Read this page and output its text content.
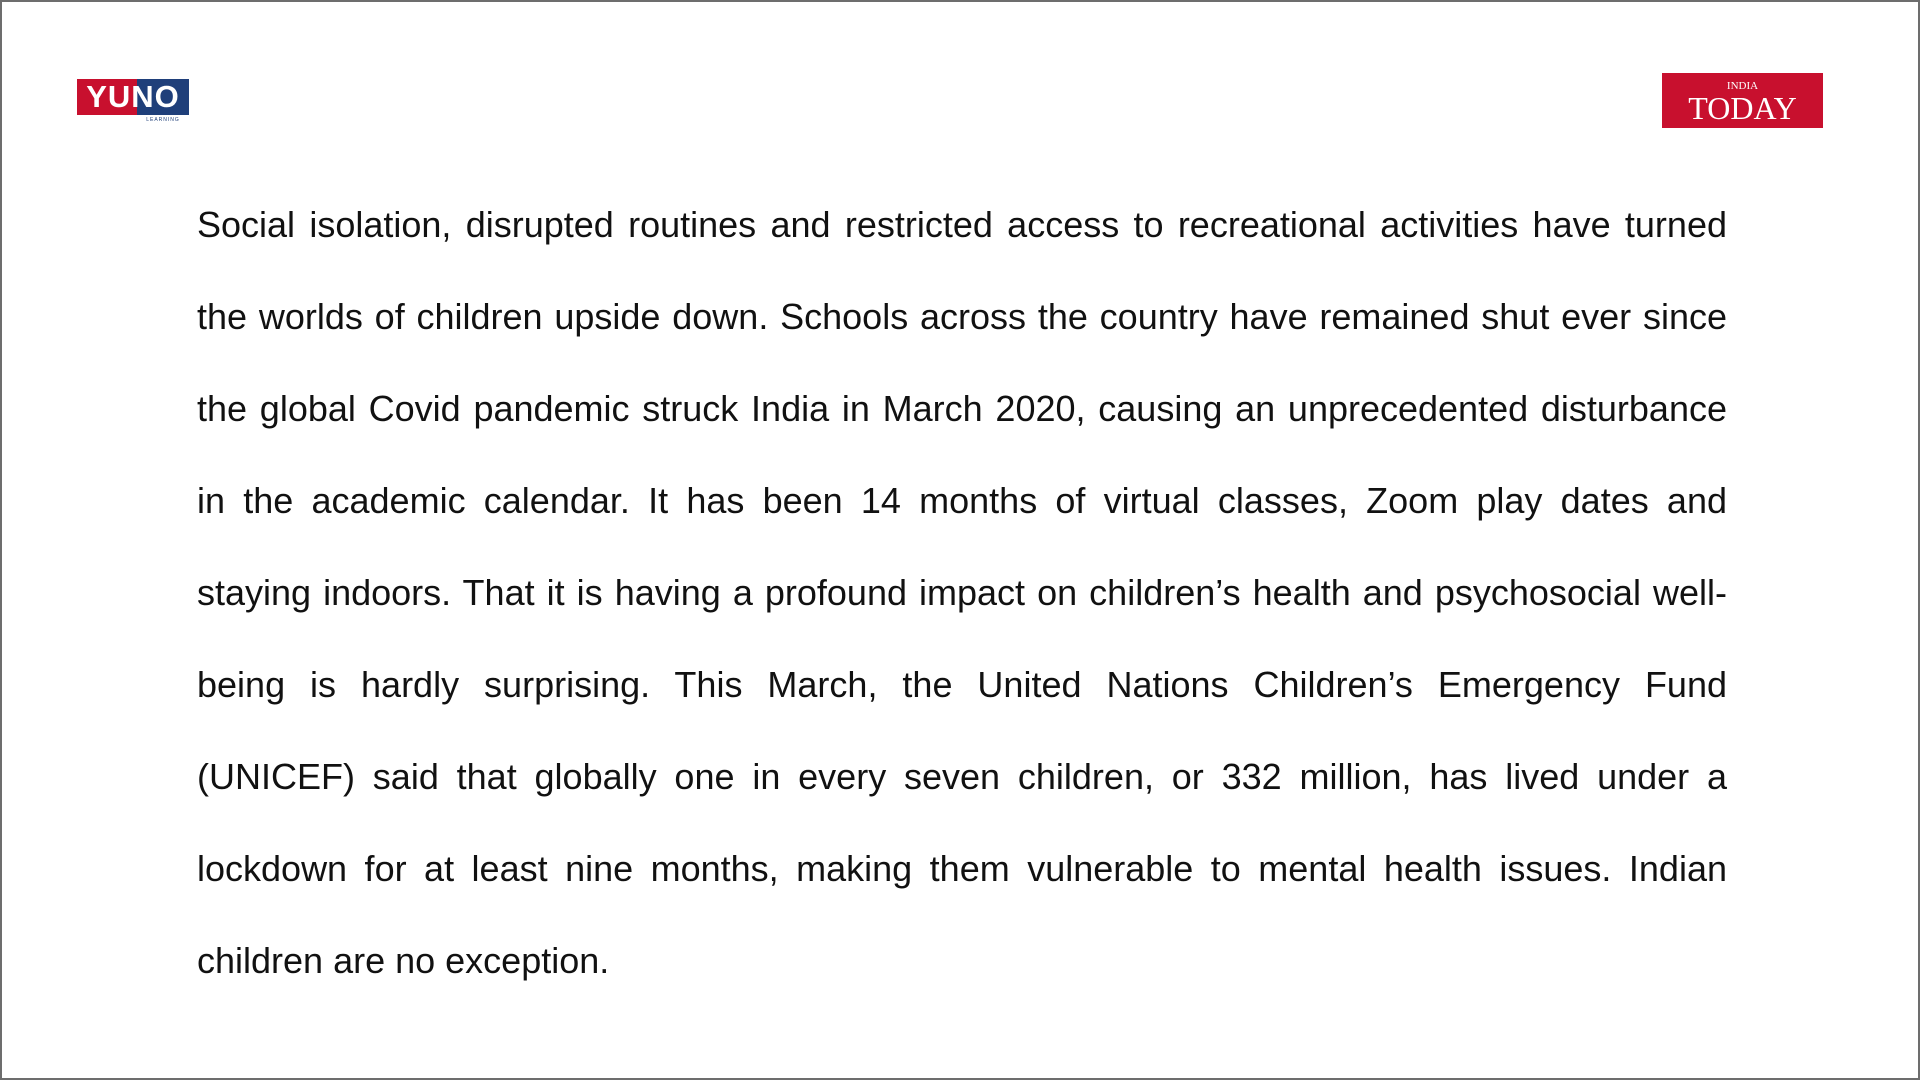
YUNO
LEARNING
INDIA
TODAY

Social isolation, disrupted routines and restricted access to recreational activities have turned the worlds of children upside down. Schools across the country have remained shut ever since the global Covid pandemic struck India in March 2020, causing an unprecedented disturbance in the academic calendar. It has been 14 months of virtual classes, Zoom play dates and staying indoors. That it is having a profound impact on children’s health and psychosocial well-being is hardly surprising. This March, the United Nations Children’s Emergency Fund (UNICEF) said that globally one in every seven children, or 332 million, has lived under a lockdown for at least nine months, making them vulnerable to mental health issues. Indian children are no exception.
